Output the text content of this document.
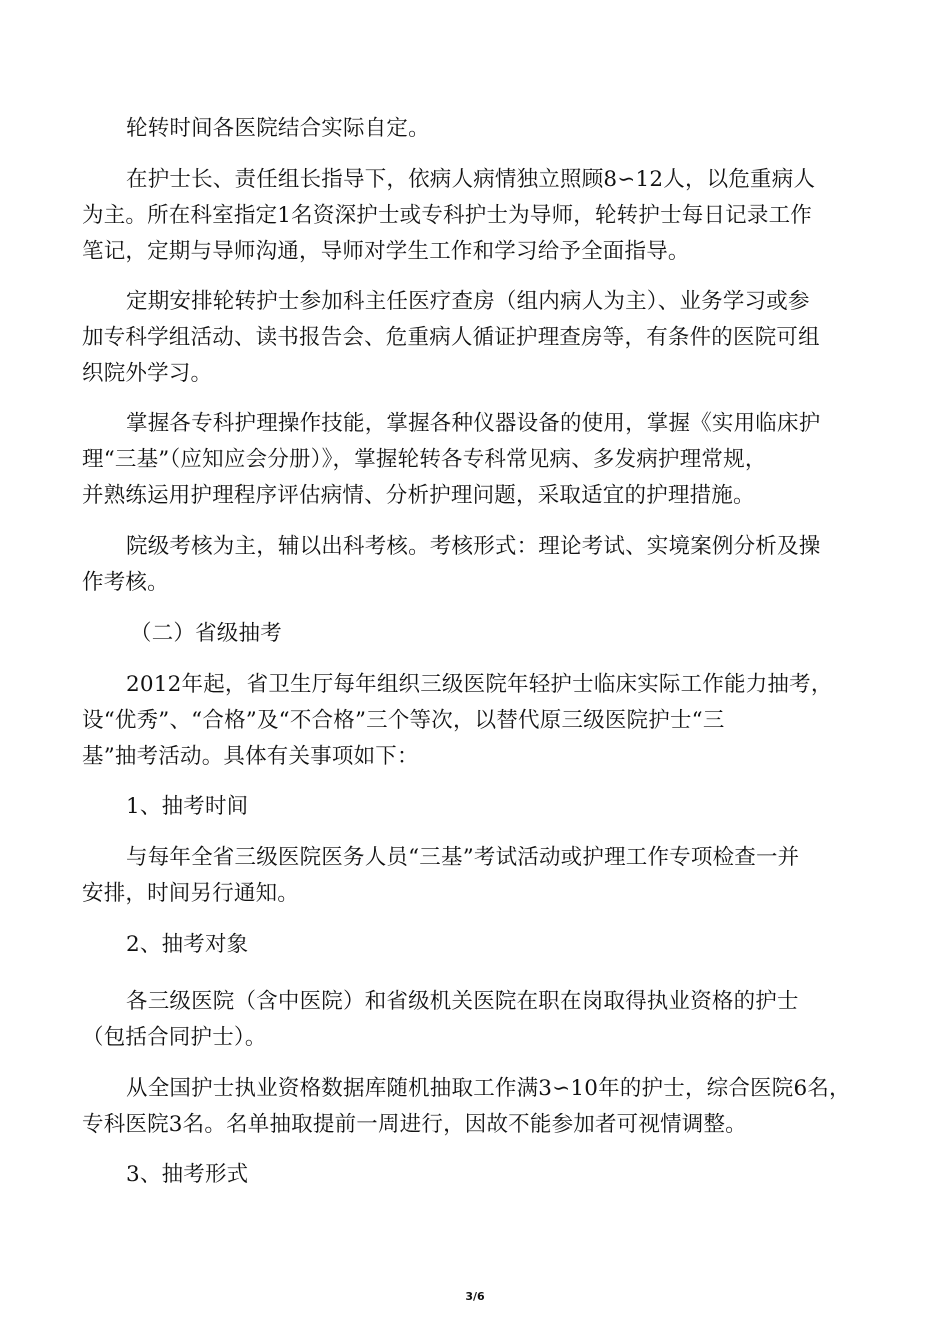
轮转时间各医院结合实际自定。

在护士长、责任组长指导下，依病人病情独立照顾8∽12人，以危重病人
为主。所在科室指定1名资深护士或专科护士为导师，轮转护士每日记录工作
笔记，定期与导师沟通，导师对学生工作和学习给予全面指导。

定期安排轮转护士参加科主任医疗查房（组内病人为主）、业务学习或参
加专科学组活动、读书报告会、危重病人循证护理查房等，有条件的医院可组
织院外学习。

掌握各专科护理操作技能，掌握各种仪器设备的使用，掌握《实用临床护
理“三基”（应知应会分册）》，掌握轮转各专科常见病、多发病护理常规，
并熟练运用护理程序评估病情、分析护理问题，采取适宜的护理措施。

院级考核为主，辅以出科考核。考核形式：理论考试、实境案例分析及操
作考核。

（二）省级抽考

2012年起，省卫生厅每年组织三级医院年轻护士临床实际工作能力抽考，
设“优秀”、“合格”及“不合格”三个等次，以替代原三级医院护士“三
基”抽考活动。具体有关事项如下：

1、抽考时间

与每年全省三级医院医务人员“三基”考试活动或护理工作专项检查一并
安排，时间另行通知。

2、抽考对象

各三级医院（含中医院）和省级机关医院在职在岗取得执业资格的护士
（包括合同护士）。

从全国护士执业资格数据库随机抽取工作满3∽10年的护士，综合医院6名，
专科医院3名。名单抽取提前一周进行，因故不能参加者可视情调整。

3、抽考形式

3/6
